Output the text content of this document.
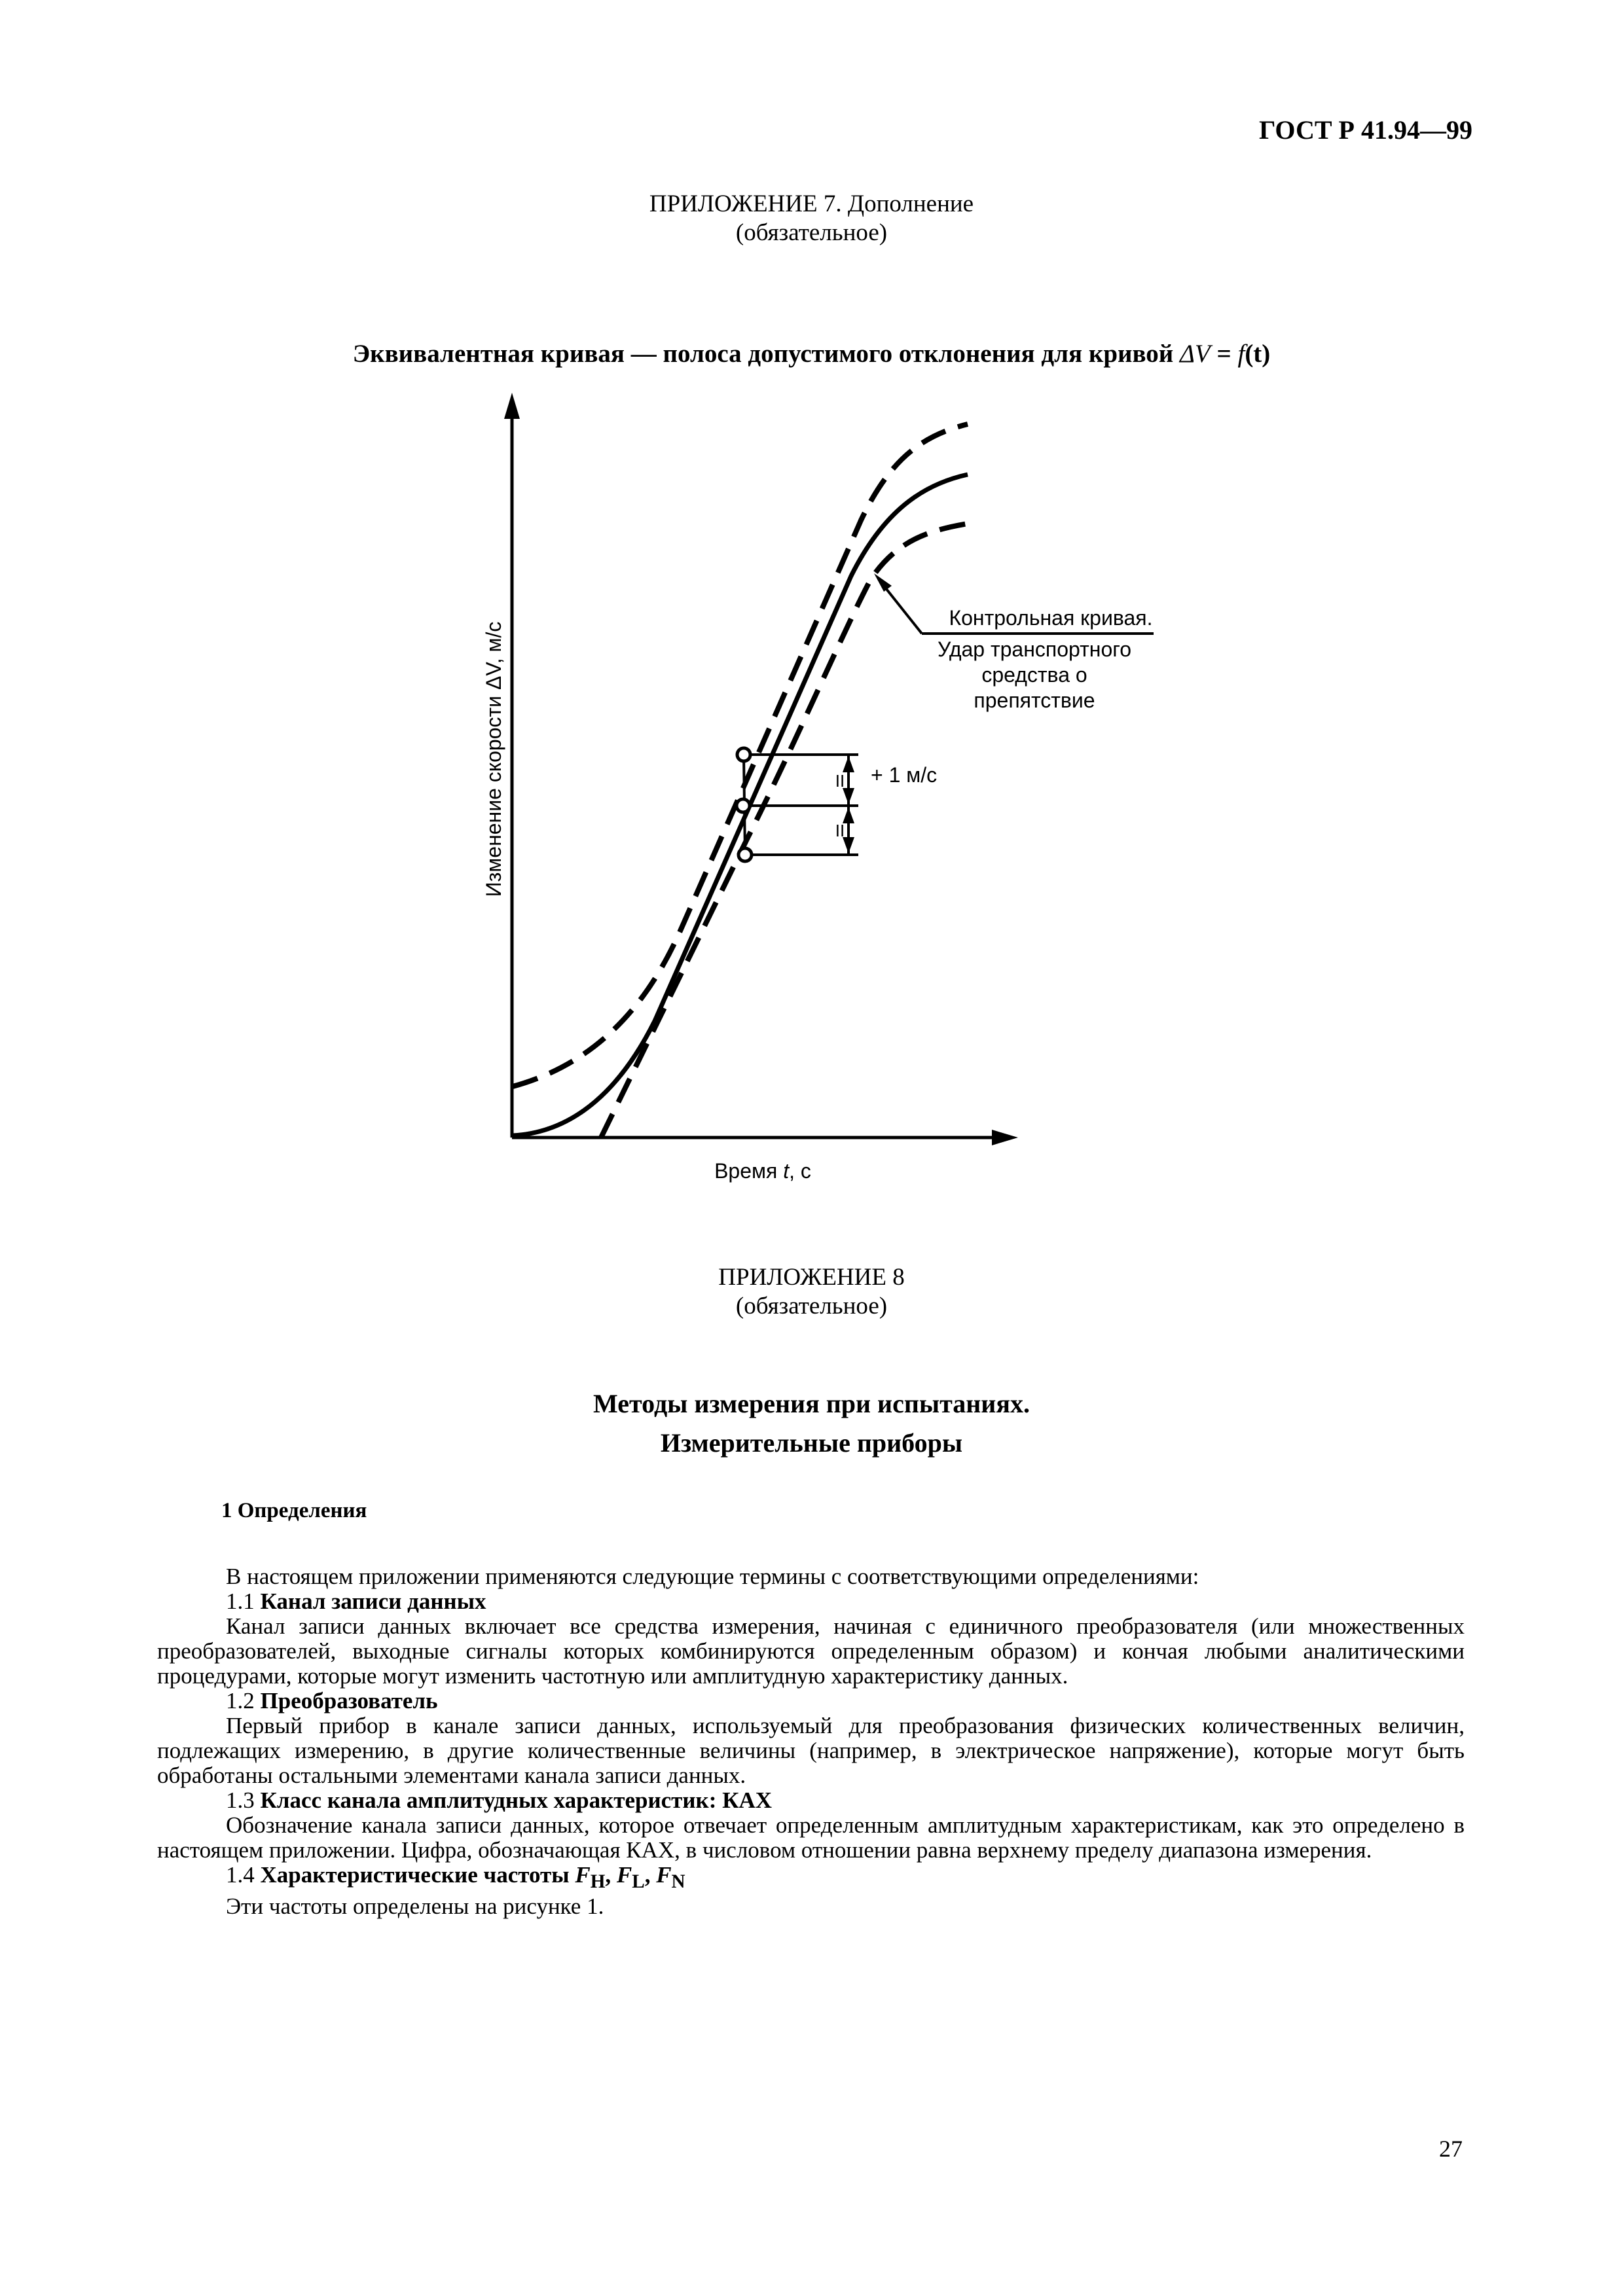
ГОСТ Р 41.94—99
ПРИЛОЖЕНИЕ 7. Дополнение
(обязательное)
Эквивалентная кривая — полоса допустимого отклонения для кривой ΔV = f(t)
II
II
+ 1 м/с
Контрольная кривая.
Удар транспортного
средства о
препятствие
Изменение скорости ΔV, м/с
Время t, с
ПРИЛОЖЕНИЕ 8
(обязательное)
Методы измерения при испытаниях.
Измерительные приборы
1 Определения

В настоящем приложении применяются следующие термины с соответствующими определениями:

1.1 Канал записи данных

Канал записи данных включает все средства измерения, начиная с единичного преобразователя (или множественных преобразователей, выходные сигналы которых комбинируются определенным образом) и кончая любыми аналитическими процедурами, которые могут изменить частотную или амплитудную характеристику данных.

1.2 Преобразователь

Первый прибор в канале записи данных, используемый для преобразования физических количественных величин, подлежащих измерению, в другие количественные величины (например, в электрическое напряжение), которые могут быть обработаны остальными элементами канала записи данных.

1.3 Класс канала амплитудных характеристик: КАХ

Обозначение канала записи данных, которое отвечает определенным амплитудным характеристикам, как это определено в настоящем приложении. Цифра, обозначающая КАХ, в числовом отношении равна верхнему пределу диапазона измерения.

1.4 Характеристические частоты $F_H$, $F_L$, $F_N$

Эти частоты определены на рисунке 1.

27
